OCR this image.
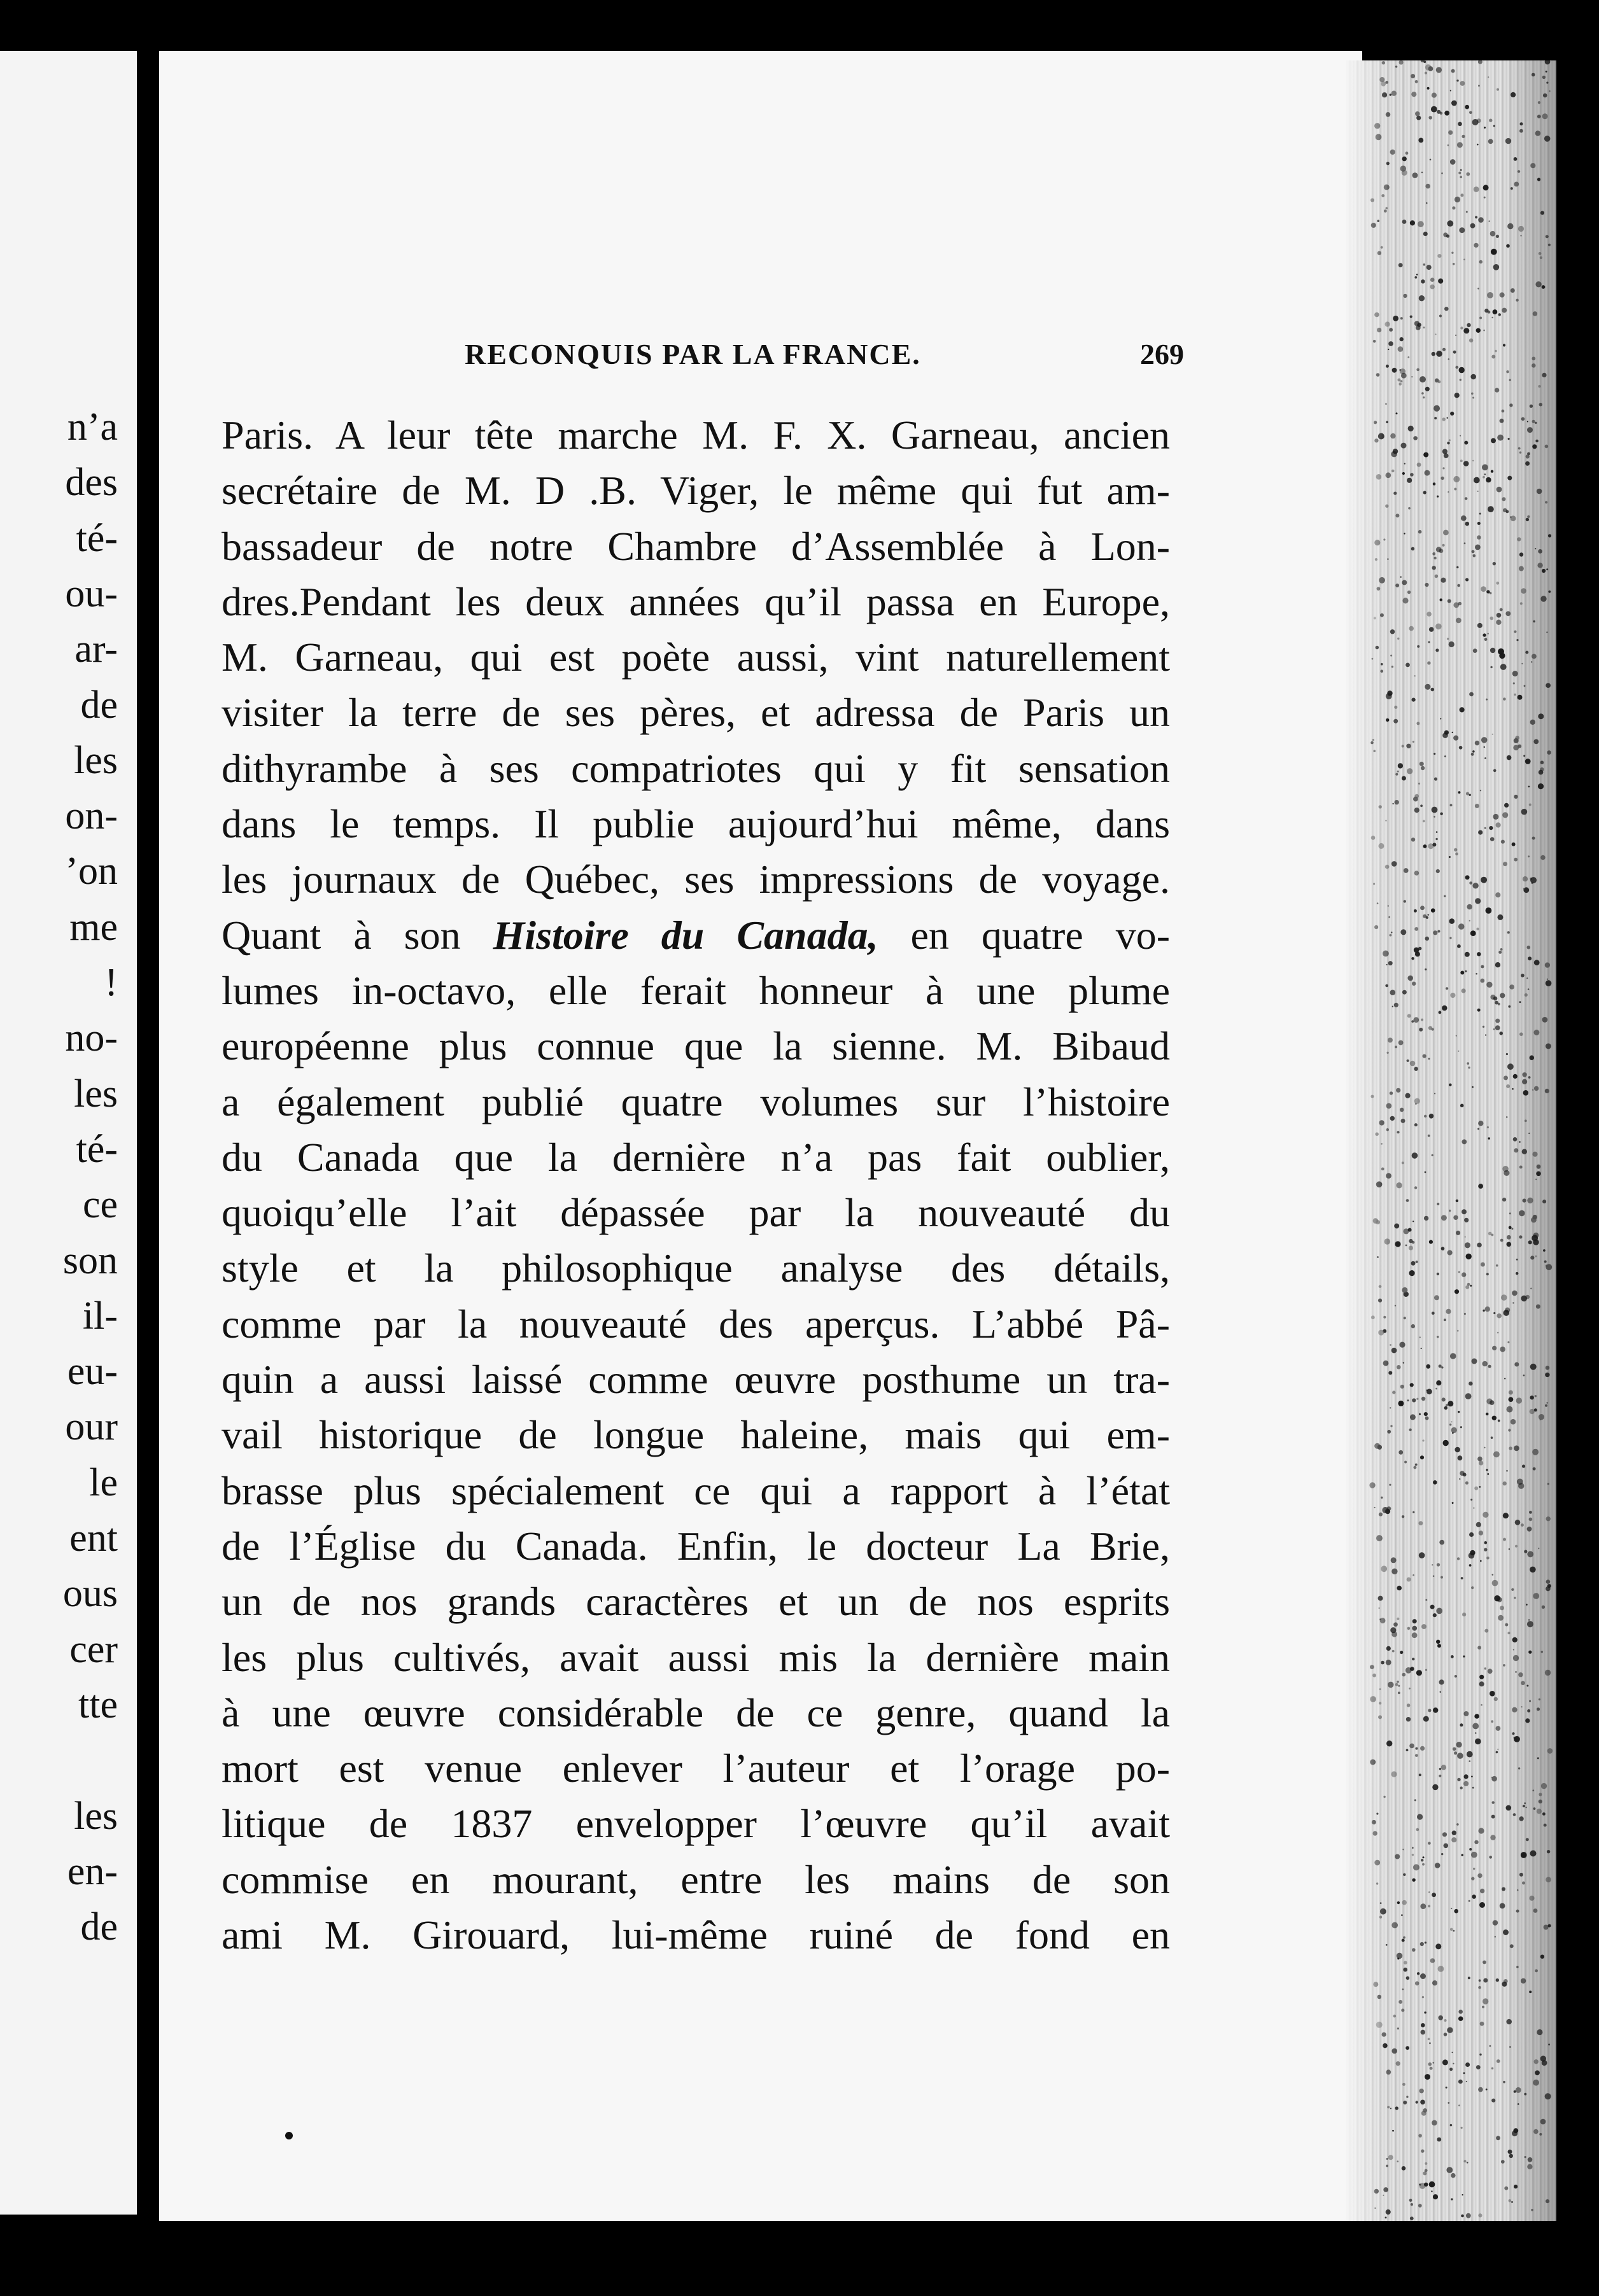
n’a
des
té-
ou-
ar-
de
les
on-
’on
me
!
no-
les
té-
ce
son
il-
eu-
our
le
ent
ous
cer
tte
les
en-
de
RECONQUIS PAR LA FRANCE.	269
Paris. A leur tête marche M. F. X. Garneau, ancien
secrétaire de M. D .B. Viger, le même qui fut am-
bassadeur de notre Chambre d’Assemblée à Lon-
dres.Pendant les deux années qu’il passa en Europe,
M. Garneau, qui est poète aussi, vint naturellement
visiter la terre de ses pères, et adressa de Paris un
dithyrambe à ses compatriotes qui y fit sensation
dans le temps. Il publie aujourd’hui même, dans
les journaux de Québec, ses impressions de voyage.
Quant à son Histoire du Canada, en quatre vo-
lumes in-octavo, elle ferait honneur à une plume
européenne plus connue que la sienne. M. Bibaud
a également publié quatre volumes sur l’histoire
du Canada que la dernière n’a pas fait oublier,
quoiqu’elle l’ait dépassée par la nouveauté du
style et la philosophique analyse des détails,
comme par la nouveauté des aperçus. L’abbé Pâ-
quin a aussi laissé comme œuvre posthume un tra-
vail historique de longue haleine, mais qui em-
brasse plus spécialement ce qui a rapport à l’état
de l’Église du Canada. Enfin, le docteur La Brie,
un de nos grands caractères et un de nos esprits
les plus cultivés, avait aussi mis la dernière main
à une œuvre considérable de ce genre, quand la
mort est venue enlever l’auteur et l’orage po-
litique de 1837 envelopper l’œuvre qu’il avait
commise en mourant, entre les mains de son
ami M. Girouard, lui-même ruiné de fond en
